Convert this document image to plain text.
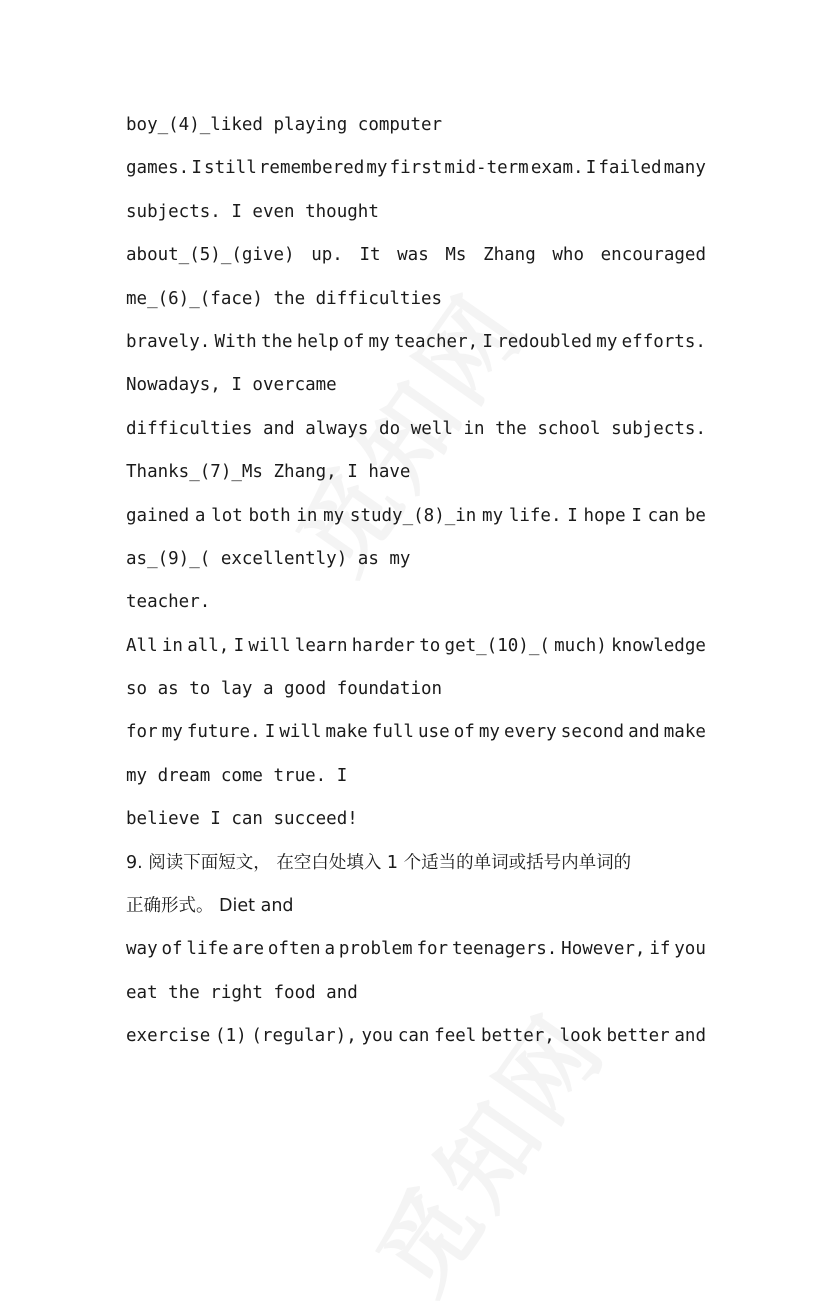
boy_(4)_liked playing computer
games. I still remembered my first mid-term exam. I failed many
subjects. I even thought
about_(5)_(give) up. It was Ms Zhang who encouraged
me_(6)_(face) the difficulties
bravely. With the help of my teacher, I redoubled my efforts.
Nowadays, I overcame
difficulties and always do well in the school subjects.
Thanks_(7)_Ms Zhang, I have
gained a lot both in my study_(8)_in my life. I hope I can be
as_(9)_( excellently) as my
teacher.
All in all, I will learn harder to get_(10)_( much) knowledge
so as to lay a good foundation
for my future. I will make full use of my every second and make
my dream come true. I
believe I can succeed!
9. 阅读下面短文， 在空白处填入 1 个适当的单词或括号内单词的
正确形式。 Diet and
way of life are often a problem for teenagers. However, if you
eat the right food and
exercise (1) (regular), you can feel better, look better and
